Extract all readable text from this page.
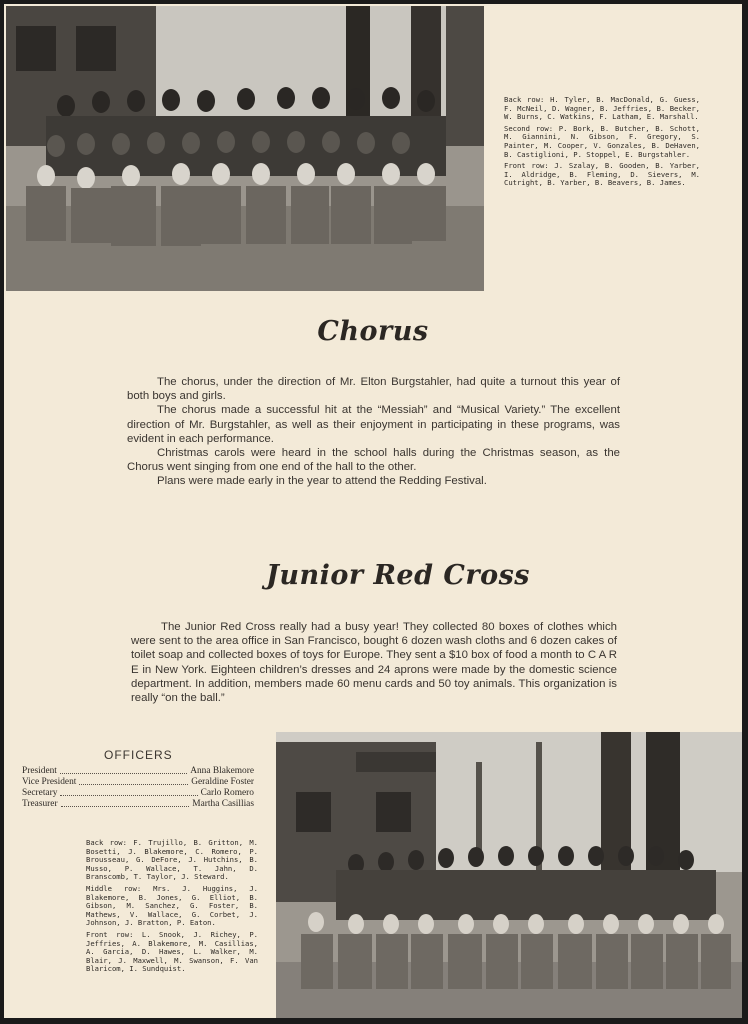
Back row: H. Tyler, B. MacDonald, G. Guess, F. McNeil, D. Wagner, B. Jeffries, B. Becker, W. Burns, C. Watkins, F. Latham, E. Marshall.

Second row: P. Bork, B. Butcher, B. Schott, M. Giannini, N. Gibson, F. Gregory, S. Painter, M. Cooper, V. Gonzales, B. DeHaven, B. Castiglioni, P. Stoppel, E. Burgstahler.

Front row: J. Szalay, B. Gooden, B. Yarber, I. Aldridge, B. Fleming, D. Sievers, M. Cutright, B. Yarber, B. Beavers, B. James.

Chorus

The chorus, under the direction of Mr. Elton Burgstahler, had quite a turnout this year of both boys and girls.

The chorus made a successful hit at the “Messiah” and “Musical Variety.” The excellent direction of Mr. Burgstahler, as well as their enjoyment in participating in these programs, was evident in each performance.

Christmas carols were heard in the school halls during the Christmas season, as the Chorus went singing from one end of the hall to the other.

Plans were made early in the year to attend the Redding Festival.

Junior Red Cross

The Junior Red Cross really had a busy year! They collected 80 boxes of clothes which were sent to the area office in San Francisco, bought 6 dozen wash cloths and 6 dozen cakes of toilet soap and collected boxes of toys for Europe. They sent a $10 box of food a month to C A R E in New York. Eighteen children’s dresses and 24 aprons were made by the domestic science department. In addition, members made 60 menu cards and 50 toy animals. This organization is really “on the ball.”

OFFICERS
President	Anna Blakemore
Vice President	Geraldine Foster
Secretary	Carlo Romero
Treasurer	Martha Casillias

Back row: F. Trujillo, B. Gritton, M. Bosetti, J. Blakemore, C. Romero, P. Brousseau, G. DeFore, J. Hutchins, B. Musso, P. Wallace, T. Jahn, D. Branscomb, T. Taylor, J. Steward.

Middle row: Mrs. J. Huggins, J. Blakemore, B. Jones, G. Elliot, B. Gibson, M. Sanchez, G. Foster, B. Mathews, V. Wallace, G. Corbet, J. Johnson, J. Bratton, P. Eaton.

Front row: L. Snook, J. Richey, P. Jeffries, A. Blakemore, M. Casillias, A. Garcia, D. Hawes, L. Walker, M. Blair, J. Maxwell, M. Swanson, F. Van Blaricom, I. Sundquist.
